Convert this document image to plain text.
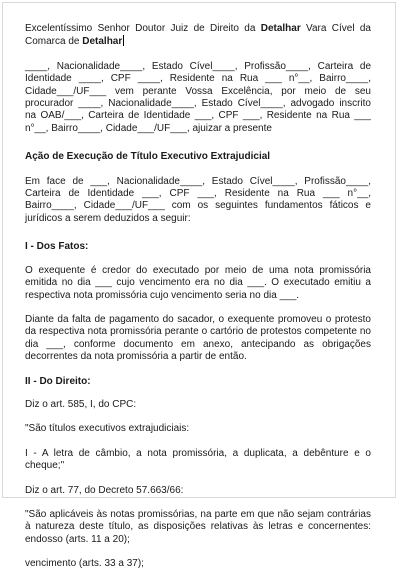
Excelentíssimo Senhor Doutor Juiz de Direito da Detalhar Vara Cível da Comarca de Detalhar

____, Nacionalidade____, Estado Cível____, Profissão____, Carteira de Identidade ____, CPF ____, Residente na Rua ___ n°__, Bairro____, Cidade___/UF___ vem perante Vossa Excelência, por meio de seu procurador ____, Nacionalidade____, Estado Cível____, advogado inscrito na OAB/___, Carteira de Identidade ___, CPF ___, Residente na Rua ___ n°__, Bairro____, Cidade___/UF___, ajuizar a presente

Ação de Execução de Título Executivo Extrajudicial

Em face de ___, Nacionalidade____, Estado Cível____, Profissão____, Carteira de Identidade ___, CPF ___, Residente na Rua ___ n°__, Bairro____, Cidade___/UF___ com os seguintes fundamentos fáticos e jurídicos a serem deduzidos a seguir:

I - Dos Fatos:

O exequente é credor do executado por meio de uma nota promissória emitida no dia ___ cujo vencimento era no dia ___. O executado emitiu a respectiva nota promissória cujo vencimento seria no dia ___.

Diante da falta de pagamento do sacador, o exequente promoveu o protesto da respectiva nota promissória perante o cartório de protestos competente no dia ___, conforme documento em anexo, antecipando as obrigações decorrentes da nota promissória a partir de então.

II - Do Direito:

Diz o art. 585, I, do CPC:

"São títulos executivos extrajudiciais:

I - A letra de câmbio, a nota promissória, a duplicata, a debênture e o cheque;"

Diz o art. 77, do Decreto 57.663/66:

"São aplicáveis às notas promissórias, na parte em que não sejam contrárias à natureza deste título, as disposições relativas às letras e concernentes: endosso (arts. 11 a 20);

vencimento (arts. 33 a 37);
